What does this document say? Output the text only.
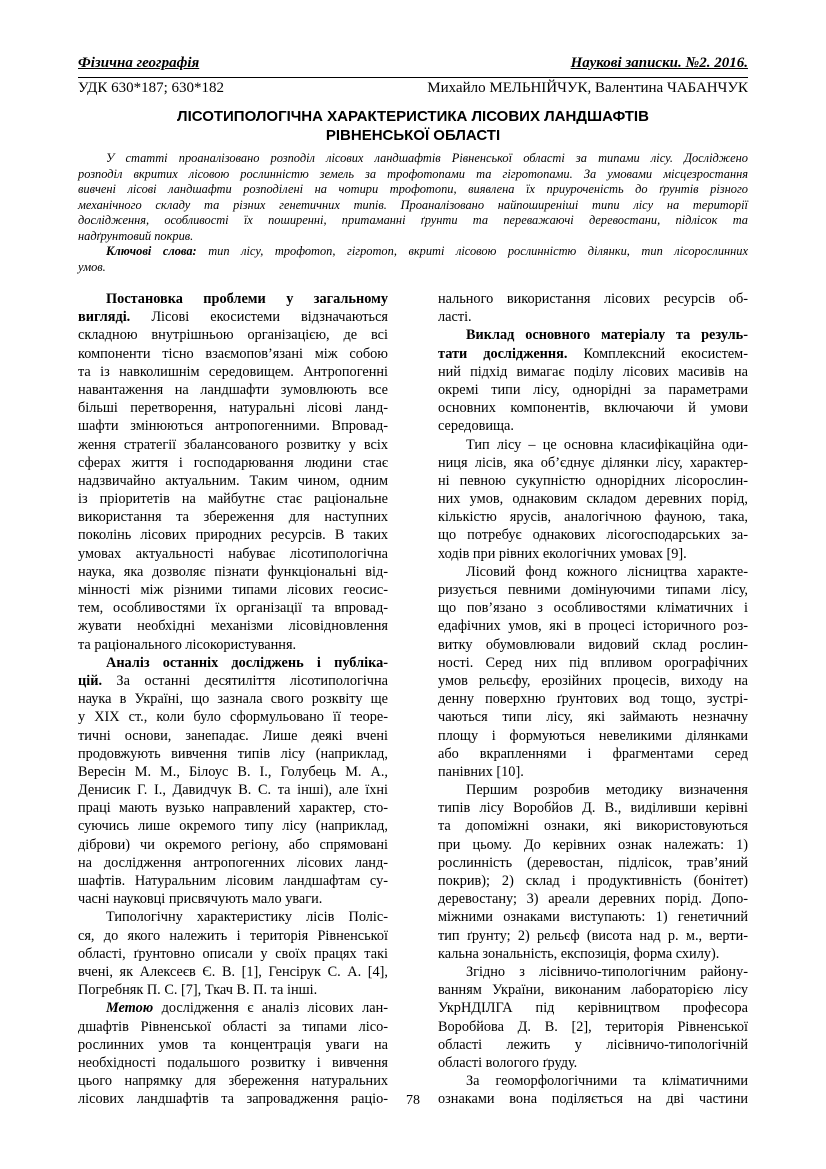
Фізична географія	Наукові записки. №2. 2016.
УДК 630*187; 630*182	Михайло МЕЛЬНІЙЧУК, Валентина ЧАБАНЧУК
ЛІСОТИПОЛОГІЧНА ХАРАКТЕРИСТИКА ЛІСОВИХ ЛАНДШАФТІВ
РІВНЕНСЬКОЇ ОБЛАСТІ
У статті проаналізовано розподіл лісових ландшафтів Рівненської області за типами лісу. Досліджено
розподіл вкритих лісовою рослинністю земель за трофотопами та гігротопами. За умовами місцезростання
вивчені лісові ландшафти розподілені на чотири трофотопи, виявлена їх приуроченість до ґрунтів різного
механічного складу та різних генетичних типів. Проаналізовано найпоширеніші типи лісу на території
дослідження, особливості їх поширенні, притаманні ґрунти та переважаючі деревостани, підлісок та
надґрунтовий покрив.
Ключові слова: тип лісу, трофотоп, гігротоп, вкриті лісовою рослинністю ділянки, тип лісорослинних
умов.
Постановка проблеми у загальному
вигляді. Лісові екосистеми відзначаються
складною внутрішньою організацією, де всі
компоненти тісно взаємопов’язані між собою
та із навколишнім середовищем. Антропогенні
навантаження на ландшафти зумовлюють все
більші перетворення, натуральні лісові ланд-
шафти змінюються антропогенними. Впровад-
ження стратегії збалансованого розвитку у всіх
сферах життя і господарювання людини стає
надзвичайно актуальним. Таким чином, одним
із пріоритетів на майбутнє стає раціональне
використання та збереження для наступних
поколінь лісових природних ресурсів. В таких
умовах актуальності набуває лісотипологічна
наука, яка дозволяє пізнати функціональні від-
мінності між різними типами лісових геосис-
тем, особливостями їх організації та впровад-
жувати необхідні механізми лісовідновлення
та раціонального лісокористування.
Аналіз останніх досліджень і публіка-
цій. За останні десятиліття лісотипологічна
наука в Україні, що зазнала свого розквіту ще
у XIX ст., коли було сформульовано її теоре-
тичні основи, занепадає. Лише деякі вчені
продовжують вивчення типів лісу (наприклад,
Вересін М. М., Білоус В. І., Голубець М. А.,
Денисик Г. І., Давидчук В. С. та інші), але їхні
праці мають вузько направлений характер, сто-
суючись лише окремого типу лісу (наприклад,
діброви) чи окремого регіону, або спрямовані
на дослідження антропогенних лісових ланд-
шафтів. Натуральним лісовим ландшафтам су-
часні науковці присвячують мало уваги.
Типологічну характеристику лісів Поліс-
ся, до якого належить і територія Рівненської
області, ґрунтовно описали у своїх працях такі
вчені, як Алексеєв Є. В. [1], Генсірук С. А. [4],
Погребняк П. С. [7], Ткач В. П. та інші.
Метою дослідження є аналіз лісових лан-
дшафтів Рівненської області за типами лісо-
рослинних умов та концентрація уваги на
необхідності подальшого розвитку і вивчення
цього напрямку для збереження натуральних
лісових ландшафтів та запровадження раціо-
нального використання лісових ресурсів об-
ласті.
Виклад основного матеріалу та резуль-
тати дослідження. Комплексний екосистем-
ний підхід вимагає поділу лісових масивів на
окремі типи лісу, однорідні за параметрами
основних компонентів, включаючи й умови
середовища.
Тип лісу – це основна класифікаційна оди-
ниця лісів, яка об’єднує ділянки лісу, характер-
ні певною сукупністю однорідних лісорослин-
них умов, однаковим складом деревних порід,
кількістю ярусів, аналогічною фауною, така,
що потребує однакових лісогосподарських за-
ходів при рівних екологічних умовах [9].
Лісовий фонд кожного лісництва характе-
ризується певними домінуючими типами лісу,
що пов’язано з особливостями кліматичних і
едафічних умов, які в процесі історичного роз-
витку обумовлювали видовий склад рослин-
ності. Серед них під впливом орографічних
умов рельєфу, ерозійних процесів, виходу на
денну поверхню ґрунтових вод тощо, зустрі-
чаються типи лісу, які займають незначну
площу і формуються невеликими ділянками
або вкрапленнями і фрагментами серед
панівних [10].
Першим розробив методику визначення
типів лісу Воробйов Д. В., виділивши керівні
та допоміжні ознаки, які використовуються
при цьому. До керівних ознак належать: 1)
рослинність (деревостан, підлісок, трав’яний
покрив); 2) склад і продуктивність (бонітет)
деревостану; 3) ареали деревних порід. Допо-
міжними ознаками виступають: 1) генетичний
тип ґрунту; 2) рельєф (висота над р. м., верти-
кальна зональність, експозиція, форма схилу).
Згідно з лісівничо-типологічним району-
ванням України, виконаним лабораторією лісу
УкрНДІЛГА під керівництвом професора
Воробйова Д. В. [2], територія Рівненської
області лежить у лісівничо-типологічній
області вологого ґруду.
За геоморфологічними та кліматичними
ознаками вона поділяється на дві частини
78
